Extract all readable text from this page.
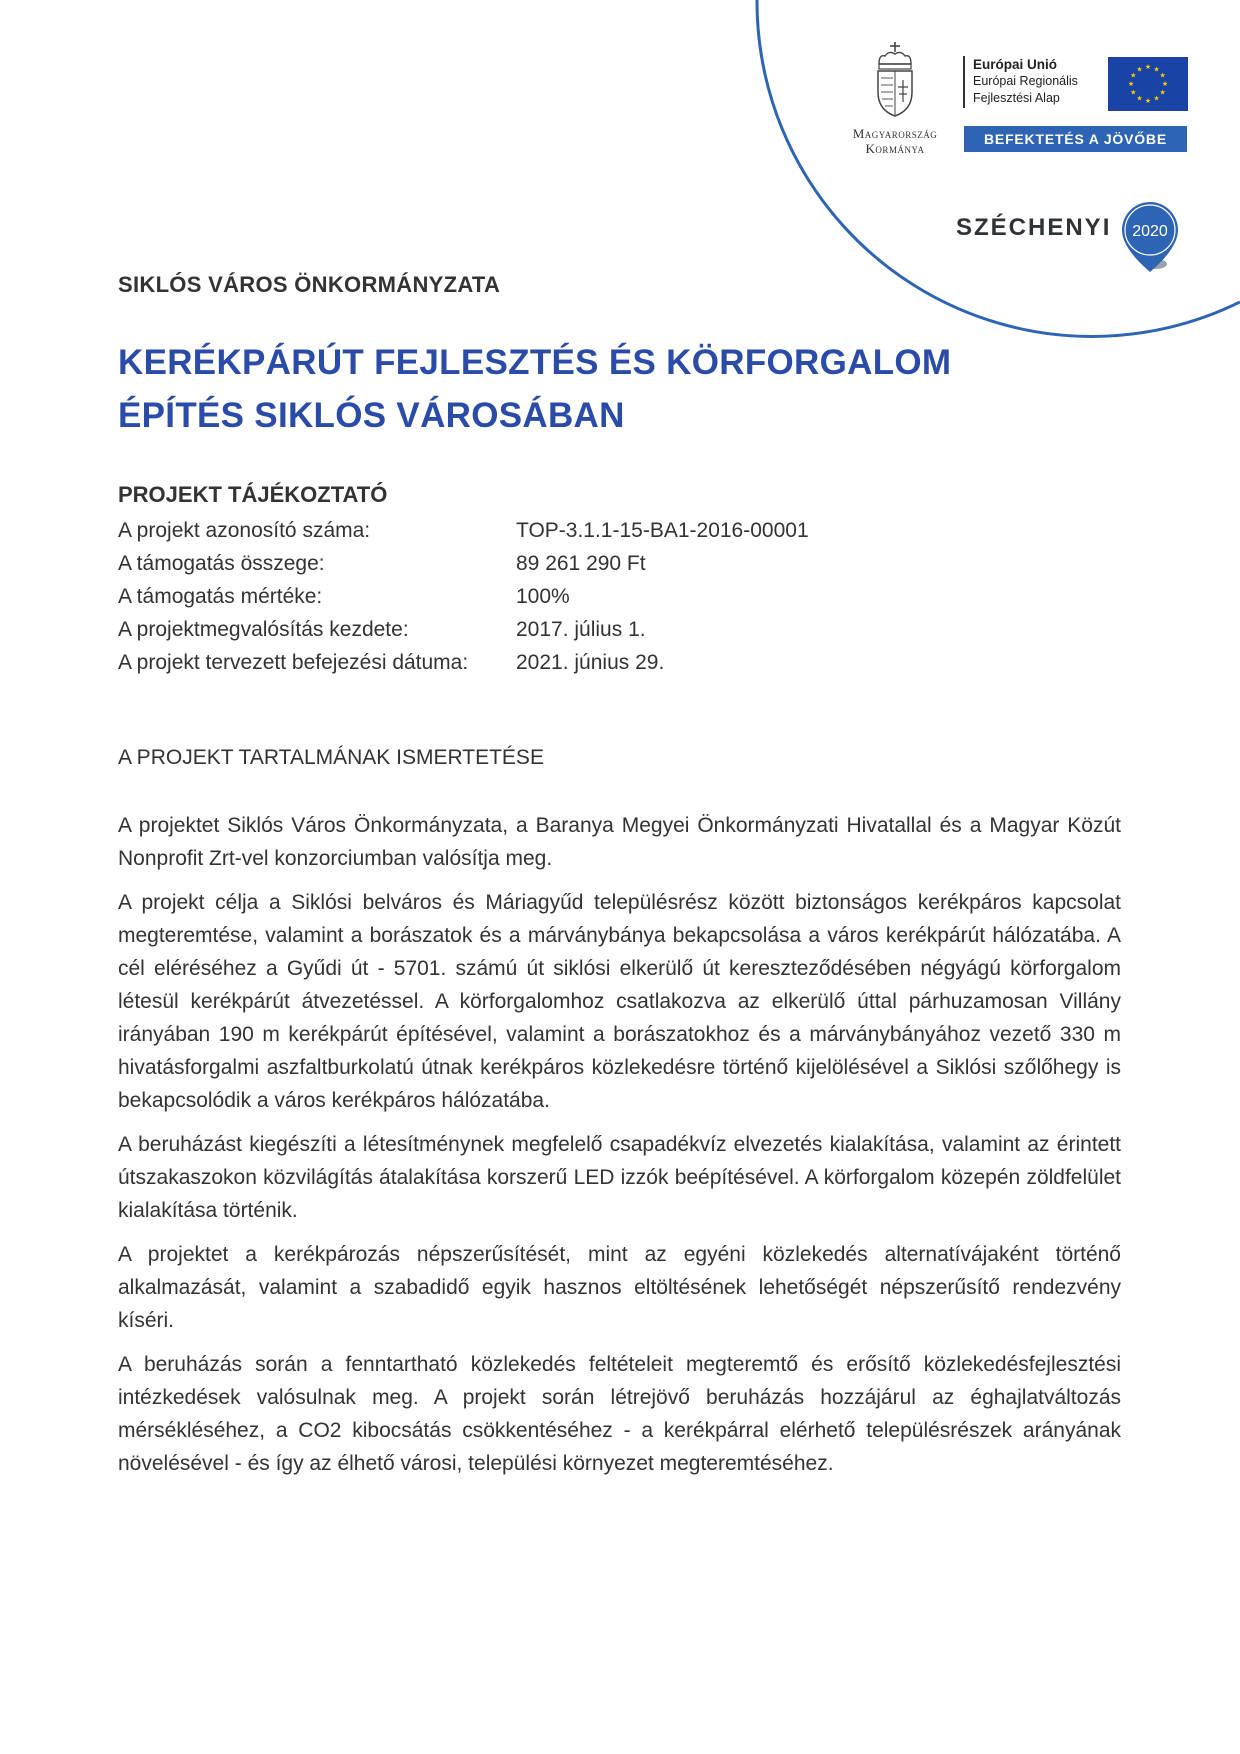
Magyarország
Kormánya
Európai Unió
Európai Regionális
Fejlesztési Alap
★ ★
★
★
★
★
★
★
★
★
★
★
BEFEKTETÉS A JÖVŐBE
SZÉCHENYI 2020
SIKLÓS VÁROS ÖNKORMÁNYZATA
KERÉKPÁRÚT FEJLESZTÉS ÉS KÖRFORGALOM
ÉPÍTÉS SIKLÓS VÁROSÁBAN
PROJEKT TÁJÉKOZTATÓ
A projekt azonosító száma:	TOP-3.1.1-15-BA1-2016-00001
A támogatás összege:	89 261 290 Ft
A támogatás mértéke:	100%
A projektmegvalósítás kezdete:	2017. július 1.
A projekt tervezett befejezési dátuma:	2021. június 29.
A PROJEKT TARTALMÁNAK ISMERTETÉSE

A projektet Siklós Város Önkormányzata, a Baranya Megyei Önkormányzati Hivatallal és a Magyar Közút Nonprofit Zrt-vel konzorciumban valósítja meg.

A projekt célja a Siklósi belváros és Máriagyűd településrész között biztonságos kerékpáros kapcsolat megteremtése, valamint a borászatok és a márványbánya bekapcsolása a város kerékpárút hálózatába. A cél eléréséhez a Gyűdi út - 5701. számú út siklósi elkerülő út kereszteződésében négyágú körforgalom létesül kerékpárút átvezetéssel. A körforgalomhoz csatlakozva az elkerülő úttal párhuzamosan Villány irányában 190 m kerékpárút építésével, valamint a borászatokhoz és a márványbányához vezető 330 m hivatásforgalmi aszfaltburkolatú útnak kerékpáros közlekedésre történő kijelölésével a Siklósi szőlőhegy is bekapcsolódik a város kerékpáros hálózatába.

A beruházást kiegészíti a létesítménynek megfelelő csapadékvíz elvezetés kialakítása, valamint az érintett útszakaszokon közvilágítás átalakítása korszerű LED izzók beépítésével. A körforgalom közepén zöldfelület kialakítása történik.

A projektet a kerékpározás népszerűsítését, mint az egyéni közlekedés alternatívájaként történő alkalmazását, valamint a szabadidő egyik hasznos eltöltésének lehetőségét népszerűsítő rendezvény kíséri.

A beruházás során a fenntartható közlekedés feltételeit megteremtő és erősítő közlekedésfejlesztési intézkedések valósulnak meg. A projekt során létrejövő beruházás hozzájárul az éghajlatváltozás mérsékléséhez, a CO2 kibocsátás csökkentéséhez - a kerékpárral elérhető településrészek arányának növelésével - és így az élhető városi, települési környezet megteremtéséhez.
